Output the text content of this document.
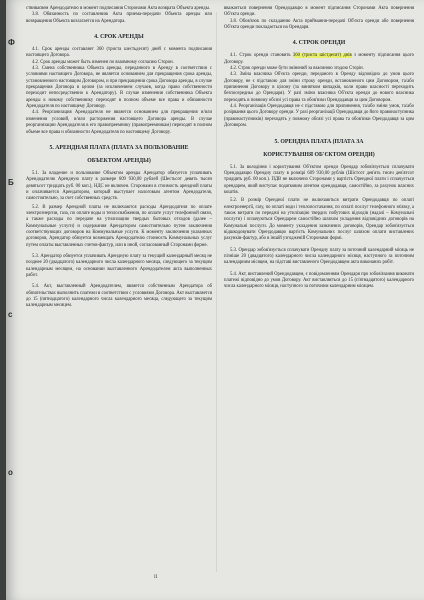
Ф
Б
с
о

ствнвасвем Арендодателю в момент подписания Сторонами Акта возврата Объекта аренды.

3.8. Обязанность по составлению Акта приема-передачи Объекта аренды или возвращения Объекта возлагается на Арендатора.

4. СРОК АРЕНДЫ

4.1. Срок аренды составляет 360 (триста шестьдесят) дней с момента подписания настоящего Договора.

4.2. Срок аренды может быть изменен по взаимному согласию Сторон.

4.3. Смена собственника Объекта аренды, переданного в Аренду в соответствии с условиями настоящего Договора, не является основанием для прекращения срока аренды, установленного настоящим Договором, и при прекращении срока Договора аренды, в случае прекращения Договора в целом (за исключением случаев, когда право собственности переходит непосредственно к Арендатору). В случае изменения собственника Объекта аренды к новому собственнику переходят в полном объеме все права и обязанности Арендодателя по настоящему Договору.

4.4. Реорганизация Арендодателя не является основанием для прекращения и/или изменения условий, и/или расторжения настоящего Договора аренды. В случае реорганизации Арендодателя в его правопреемнику (правопреемникам) переходят в полном объеме все права и обязанности Арендодателя по настоящему Договору.

5. АРЕНДНАЯ ПЛАТА (ПЛАТА ЗА ПОЛЬЗОВАНИЕ
ОБЪЕКТОМ АРЕНДЫ)

5.1. За владение и пользование Объектом аренды Арендатор обязуется уплачивать Арендодателю Арендную плату в размере 609 930,00 рублей (Шестьсот девять тысяч девятьсот тридцать руб. 00 коп.), НДС не включен. Сторонами в стоимость арендной платы и оплачивается Арендатором, который выступает налоговым агентом Арендодателя, самостоятельно, за счет собственных средств.

5.2. В размер Арендной платы не включаются расходы Арендодателя по оплате электроэнергии, газа, по оплате воды и теплоснабжения, по оплате услуг телефонной связи, а также расходы по передаче на утилизацию твердых бытовых отходов (далее – Коммунальные услуги) и содержания Арендатором самостоятельно путем заключения соответствующих договоров на Коммунальные услуги. К моменту заключения указанных договоров, Арендатор обязуется возмещать Арендодателю стоимость Коммунальных услуг путем оплаты выставленных счетов-фактур, или в иной, согласованный Сторонами форме.

5.3. Арендатор обязуется уплачивать Арендную плату за текущий календарный месяц не позднее 20 (двадцатого) календарного числа календарного месяца, следующего за текущим календарным месяцем, на основании выставленного Арендодателем акта выполненных работ.

5.4. Акт, выставленный Арендодателем, является собственным Арендатора об обязательствах выполнить платежи в соответствии с условиями Договора. Акт выставляется до 15 (пятнадцатого) календарного числа календарного месяца, следующего за текущим календарным месяцем.

вважається повернення Орендодавцю в момент підписання Сторонами Акта повернення Об'єкта оренди.

3.8. Обов'язок по складанню Акта приймання-передачі Об'єкта оренди або повернення Об'єкта оренди покладається на Орендаря.

4. СТРОК ОРЕНДИ

4.1. Строк оренди становить 360 (триста шістдесят) днів з моменту підписання цього Договору.

4.2. Строк оренди може бути змінений за взаємною згодою Сторін.

4.3. Зміна власника Об'єкта оренди, переданого в Оренду відповідно до умов цього Договору, не є підставою для зміни строку оренди, встановленого цим Договором, та/або припинення Договору в цілому (за винятком випадків, коли право власності переходить безпосередньо до Орендаря). У разі зміни власника Об'єкта оренди до нового власника переходять в повному обсязі усі права та обов'язки Орендодавця за цим Договором.

4.4. Реорганізація Орендодавця не є підставою для припинення, та/або зміни умов, та/або розірвання цього Договору оренди. У разі реорганізації Орендодавця до його правонаступника (правонаступників) переходять у повному обсязі усі права та обов'язки Орендодавця за цим Договором.

5. ОРЕНДНА ПЛАТА (ПЛАТА ЗА
КОРИСТУВАННЯ ОБ'ЄКТОМ ОРЕНДИ)

5.1. За володіння і користування Об'єктом оренди Орендар зобов'язується сплачувати Орендодавцю Орендну плату в розмірі 609 930,00 рублів (Шістсот дев'ять тисяч дев'ятсот тридцять руб. 00 коп.). ПДВ не включено Сторонами у вартість Орендної плати і сплачується орендарем, який виступає податковим агентом орендодавця, самостійно, за рахунок власних коштів.

5.2. В розмір Орендної плати не включаються витрати Орендодавця по оплаті електроенергії, газу, по оплаті води і теплопостачання, по оплаті послуг телефонного зв'язку, а також витрати по передачі на утилізацію твердих побутових відходів (надалі – Комунальні послуги) і оплачуються Орендарем самостійно шляхом укладення відповідних договорів на Комунальні послуги. До моменту укладення зазначених договорів, Орендар зобов'язується відшкодовувати Орендодавцю вартість Комунальних послуг шляхом оплати виставлених рахунків-фактур, або в іншій узгодженій Сторонами формі.

5.3. Орендар зобов'язується сплачувати Орендну плату за поточний календарний місяць не пізніше 20 (двадцятого) календарного числа календарного місяця, наступного за поточним календарним місяцем, на підставі виставленого Орендодавцем акта виконаних робіт.

5.4. Акт, виставлений Орендодавцем, є повідомленням Орендаря про зобов'язання виконати платежі відповідно до умов Договору. Акт виставляється до 15 (п'ятнадцятого) календарного числа календарного місяця, наступного за поточним календарним місяцем.

II
